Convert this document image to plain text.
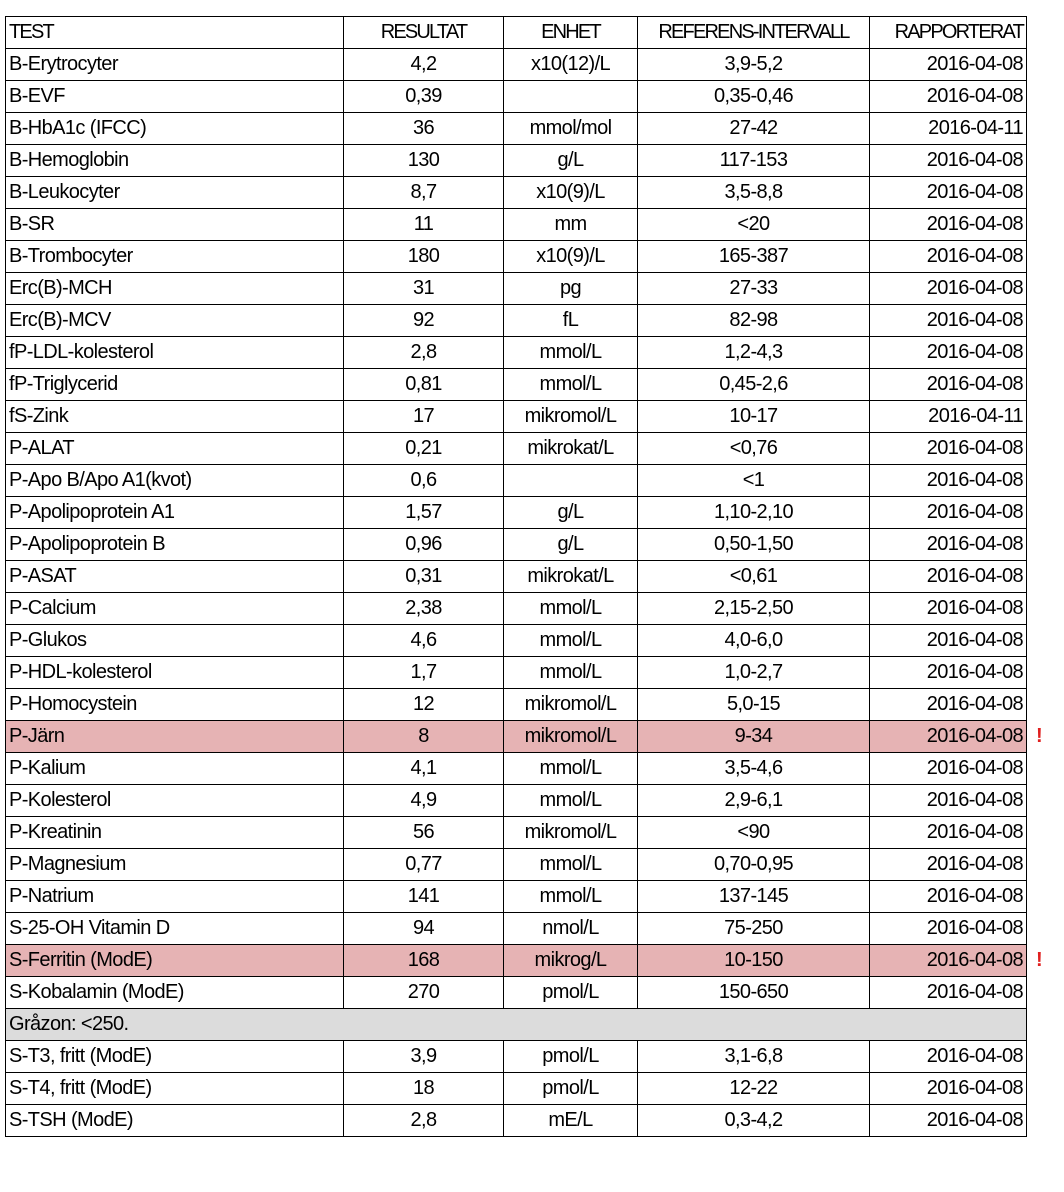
TEST	RESULTAT	ENHET	REFERENS-INTERVALL	RAPPORTERAT
B-Erytrocyter	4,2	x10(12)/L	3,9-5,2	2016-04-08
B-EVF	0,39		0,35-0,46	2016-04-08
B-HbA1c (IFCC)	36	mmol/mol	27-42	2016-04-11
B-Hemoglobin	130	g/L	117-153	2016-04-08
B-Leukocyter	8,7	x10(9)/L	3,5-8,8	2016-04-08
B-SR	11	mm	<20	2016-04-08
B-Trombocyter	180	x10(9)/L	165-387	2016-04-08
Erc(B)-MCH	31	pg	27-33	2016-04-08
Erc(B)-MCV	92	fL	82-98	2016-04-08
fP-LDL-kolesterol	2,8	mmol/L	1,2-4,3	2016-04-08
fP-Triglycerid	0,81	mmol/L	0,45-2,6	2016-04-08
fS-Zink	17	mikromol/L	10-17	2016-04-11
P-ALAT	0,21	mikrokat/L	<0,76	2016-04-08
P-Apo B/Apo A1(kvot)	0,6		<1	2016-04-08
P-Apolipoprotein A1	1,57	g/L	1,10-2,10	2016-04-08
P-Apolipoprotein B	0,96	g/L	0,50-1,50	2016-04-08
P-ASAT	0,31	mikrokat/L	<0,61	2016-04-08
P-Calcium	2,38	mmol/L	2,15-2,50	2016-04-08
P-Glukos	4,6	mmol/L	4,0-6,0	2016-04-08
P-HDL-kolesterol	1,7	mmol/L	1,0-2,7	2016-04-08
P-Homocystein	12	mikromol/L	5,0-15	2016-04-08
P-Järn	8	mikromol/L	9-34	2016-04-08 !

P-Kalium	4,1	mmol/L	3,5-4,6	2016-04-08
P-Kolesterol	4,9	mmol/L	2,9-6,1	2016-04-08
P-Kreatinin	56	mikromol/L	<90	2016-04-08
P-Magnesium	0,77	mmol/L	0,70-0,95	2016-04-08
P-Natrium	141	mmol/L	137-145	2016-04-08
S-25-OH Vitamin D	94	nmol/L	75-250	2016-04-08
S-Ferritin (ModE)	168	mikrog/L	10-150	2016-04-08 !

S-Kobalamin (ModE)	270	pmol/L	150-650	2016-04-08
Gråzon: <250.				
S-T3, fritt (ModE)	3,9	pmol/L	3,1-6,8	2016-04-08
S-T4, fritt (ModE)	18	pmol/L	12-22	2016-04-08
S-TSH (ModE)	2,8	mE/L	0,3-4,2	2016-04-08
